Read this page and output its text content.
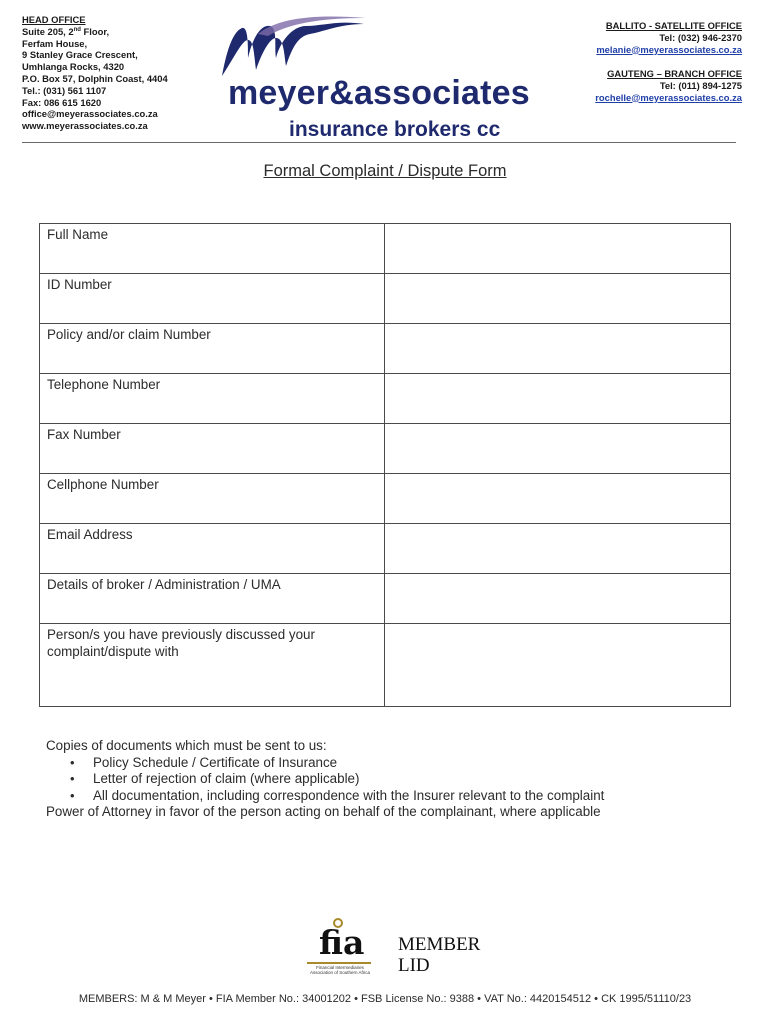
HEAD OFFICE
Suite 205, 2nd Floor,
Ferfam House,
9 Stanley Grace Crescent,
Umhlanga Rocks, 4320
P.O. Box 57, Dolphin Coast, 4404
Tel.: (031) 561 1107
Fax: 086 615 1620
office@meyerassociates.co.za
www.meyerassociates.co.za
meyer&associates
insurance brokers cc
BALLITO - SATELLITE OFFICE
Tel: (032) 946-2370
melanie@meyerassociates.co.za
GAUTENG – BRANCH OFFICE
Tel: (011) 894-1275
rochelle@meyerassociates.co.za
Formal Complaint / Dispute Form
Full Name	
ID Number	
Policy and/or claim Number	
Telephone Number	
Fax Number	
Cellphone Number	
Email Address	
Details of broker / Administration / UMA	
Person/s you have previously discussed your complaint/dispute with	
Copies of documents which must be sent to us:
• Policy Schedule / Certificate of Insurance
• Letter of rejection of claim (where applicable)
• All documentation, including correspondence with the Insurer relevant to the complaint
Power of Attorney in favor of the person acting on behalf of the complainant, where applicable
fia
Financial Intermediaries Association of Southern Africa
MEMBER
LID
MEMBERS: M & M Meyer • FIA Member No.: 34001202 • FSB License No.: 9388 • VAT No.: 4420154512 • CK 1995/51110/23
